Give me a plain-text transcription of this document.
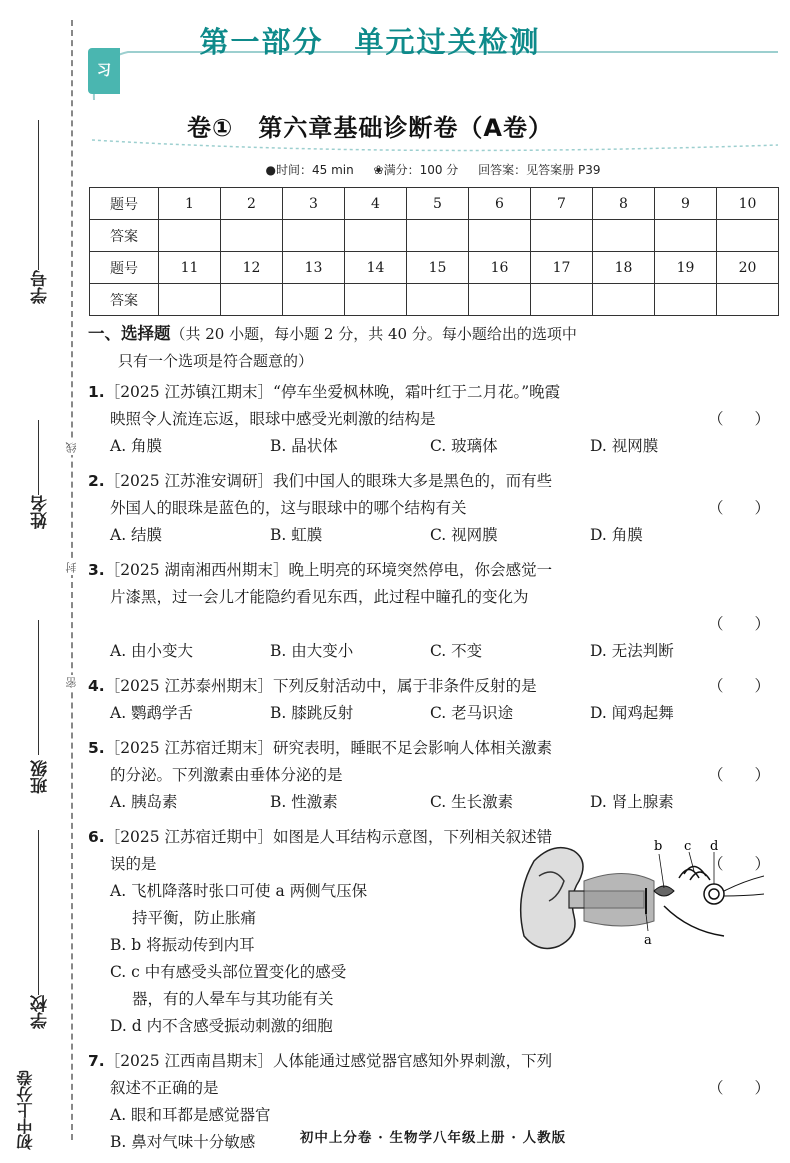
学号
姓名
班级
学校
初中上分卷
线
封
密
习
第一部分　单元过关检测
卷①　第六章基础诊断卷（A卷）
●时间：45 min ❀满分：100 分 回答案：见答案册 P39
题号	1	2	3	4	5	6	7	8	9	10
答案										
题号	11	12	13	14	15	16	17	18	19	20
答案										
一、选择题（共 20 小题，每小题 2 分，共 40 分。每小题给出的选项中
只有一个选项是符合题意的）
1.［2025 江苏镇江期末］“停车坐爱枫林晚，霜叶红于二月花。”晚霞
映照令人流连忘返，眼球中感受光刺激的结构是	（　　）
A. 角膜	B. 晶状体	C. 玻璃体	D. 视网膜
2.［2025 江苏淮安调研］我们中国人的眼珠大多是黑色的，而有些
外国人的眼珠是蓝色的，这与眼球中的哪个结构有关	（　　）
A. 结膜	B. 虹膜	C. 视网膜	D. 角膜
3.［2025 湖南湘西州期末］晚上明亮的环境突然停电，你会感觉一
片漆黑，过一会儿才能隐约看见东西，此过程中瞳孔的变化为
（　　）
A. 由小变大	B. 由大变小	C. 不变	D. 无法判断
4.［2025 江苏泰州期末］下列反射活动中，属于非条件反射的是	（　　）
A. 鹦鹉学舌	B. 膝跳反射	C. 老马识途	D. 闻鸡起舞
5.［2025 江苏宿迁期末］研究表明，睡眠不足会影响人体相关激素
的分泌。下列激素由垂体分泌的是	（　　）
A. 胰岛素	B. 性激素	C. 生长激素	D. 肾上腺素
6.［2025 江苏宿迁期中］如图是人耳结构示意图，下列相关叙述错
误的是	（　　）
A. 飞机降落时张口可使 a 两侧气压保
持平衡，防止胀痛
B. b 将振动传到内耳
C. c 中有感受头部位置变化的感受
器，有的人晕车与其功能有关
D. d 内不含感受振动刺激的细胞
7.［2025 江西南昌期末］人体能通过感觉器官感知外界刺激，下列
叙述不正确的是	（　　）
A. 眼和耳都是感觉器官
B. 鼻对气味十分敏感
b c d
a
初中上分卷 · 生物学八年级上册 · 人教版
